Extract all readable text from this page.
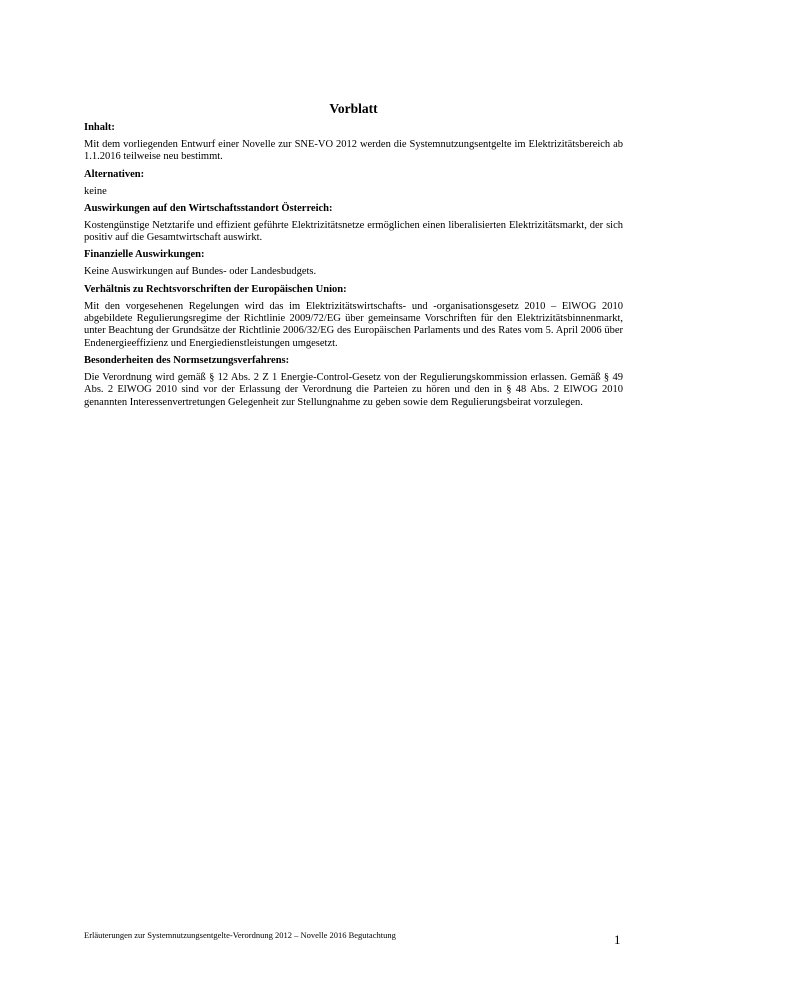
Vorblatt
Inhalt:
Mit dem vorliegenden Entwurf einer Novelle zur SNE-VO 2012 werden die Systemnutzungsentgelte im Elektrizitätsbereich ab 1.1.2016 teilweise neu bestimmt.
Alternativen:
keine
Auswirkungen auf den Wirtschaftsstandort Österreich:
Kostengünstige Netztarife und effizient geführte Elektrizitätsnetze ermöglichen einen liberalisierten Elektrizitätsmarkt, der sich positiv auf die Gesamtwirtschaft auswirkt.
Finanzielle Auswirkungen:
Keine Auswirkungen auf Bundes- oder Landesbudgets.
Verhältnis zu Rechtsvorschriften der Europäischen Union:
Mit den vorgesehenen Regelungen wird das im Elektrizitätswirtschafts- und -organisationsgesetz 2010 – ElWOG 2010 abgebildete Regulierungsregime der Richtlinie 2009/72/EG über gemeinsame Vorschriften für den Elektrizitätsbinnenmarkt, unter Beachtung der Grundsätze der Richtlinie 2006/32/EG des Europäischen Parlaments und des Rates vom 5. April 2006 über Endenergieeffizienz und Energiedienstleistungen umgesetzt.
Besonderheiten des Normsetzungsverfahrens:
Die Verordnung wird gemäß § 12 Abs. 2 Z 1 Energie-Control-Gesetz von der Regulierungskommission erlassen. Gemäß § 49 Abs. 2 ElWOG 2010 sind vor der Erlassung der Verordnung die Parteien zu hören und den in § 48 Abs. 2 ElWOG 2010 genannten Interessenvertretungen Gelegenheit zur Stellungnahme zu geben sowie dem Regulierungsbeirat vorzulegen.
Erläuterungen zur Systemnutzungsentgelte-Verordnung 2012 – Novelle 2016 Begutachtung	1
